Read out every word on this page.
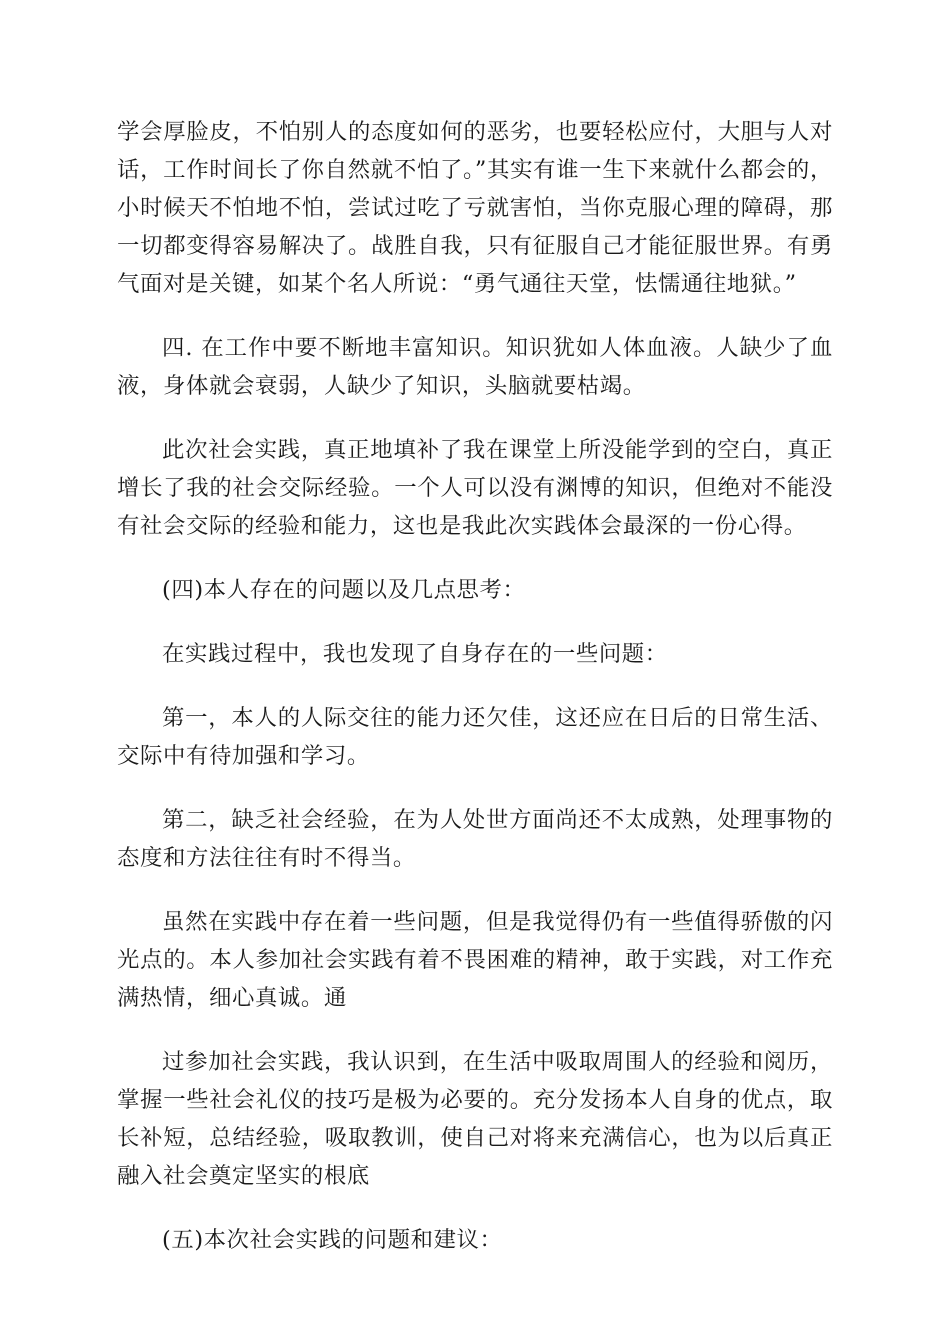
学会厚脸皮，不怕别人的态度如何的恶劣，也要轻松应付，大胆与人对话，工作时间长了你自然就不怕了。”其实有谁一生下来就什么都会的，小时候天不怕地不怕，尝试过吃了亏就害怕，当你克服心理的障碍，那一切都变得容易解决了。战胜自我，只有征服自己才能征服世界。有勇气面对是关键，如某个名人所说：“勇气通往天堂，怯懦通往地狱。”

四. 在工作中要不断地丰富知识。知识犹如人体血液。人缺少了血液，身体就会衰弱，人缺少了知识，头脑就要枯竭。

此次社会实践，真正地填补了我在课堂上所没能学到的空白，真正增长了我的社会交际经验。一个人可以没有渊博的知识，但绝对不能没有社会交际的经验和能力，这也是我此次实践体会最深的一份心得。

(四)本人存在的问题以及几点思考：

在实践过程中，我也发现了自身存在的一些问题：

第一，本人的人际交往的能力还欠佳，这还应在日后的日常生活、交际中有待加强和学习。

第二，缺乏社会经验，在为人处世方面尚还不太成熟，处理事物的态度和方法往往有时不得当。

虽然在实践中存在着一些问题，但是我觉得仍有一些值得骄傲的闪光点的。本人参加社会实践有着不畏困难的精神，敢于实践，对工作充满热情，细心真诚。通

过参加社会实践，我认识到，在生活中吸取周围人的经验和阅历，掌握一些社会礼仪的技巧是极为必要的。充分发扬本人自身的优点，取长补短，总结经验，吸取教训，使自己对将来充满信心，也为以后真正融入社会奠定坚实的根底

(五)本次社会实践的问题和建议：
